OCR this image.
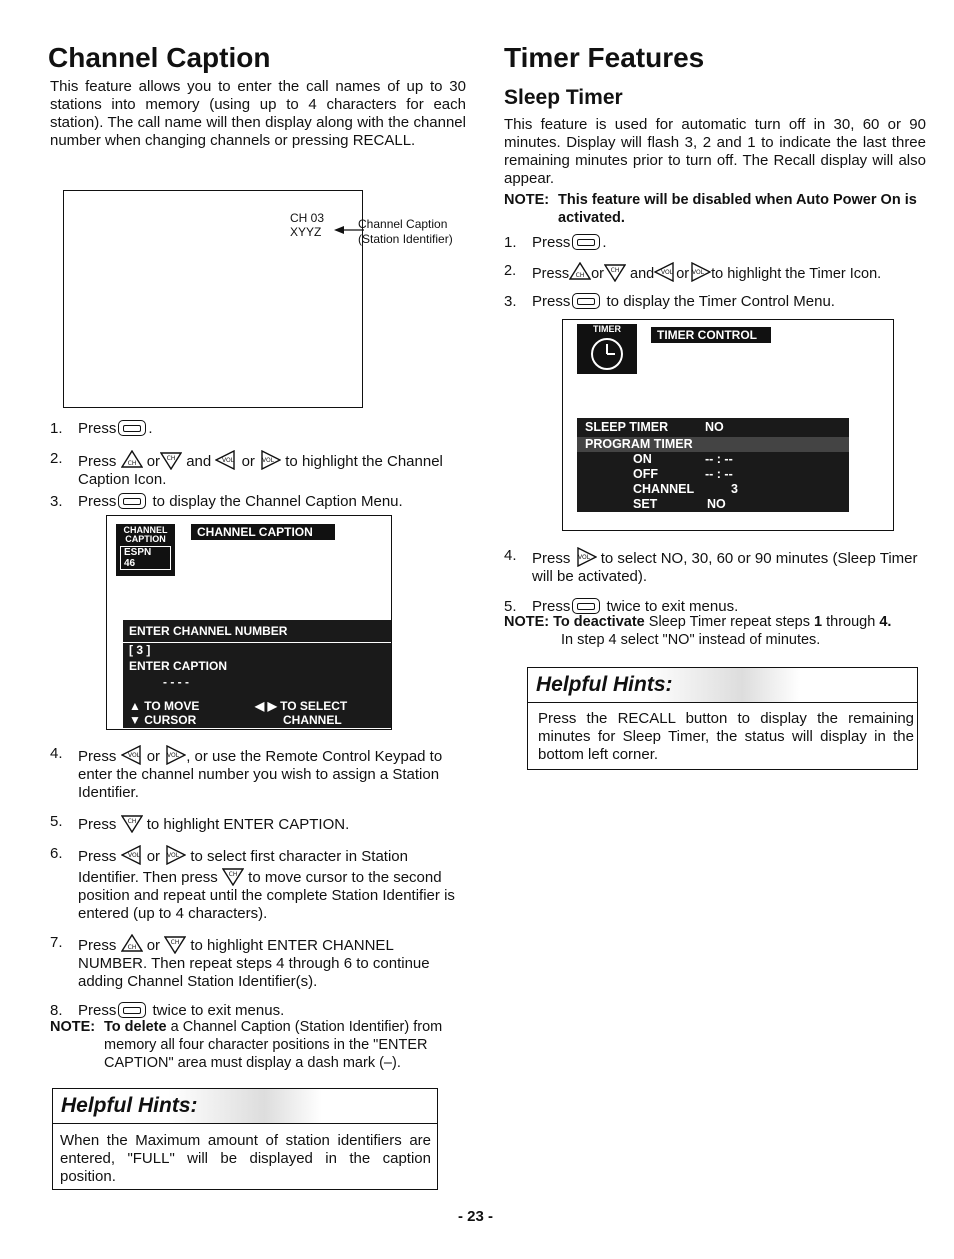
Channel Caption

This feature allows you to enter the call names of up to 30 stations into memory (using up to 4 characters for each station). The call name will then display along with the channel number when changing channels or pressing RECALL.

CH 03
XYYZ
Channel Caption
(Station Identifier)
1.	Press .
2.	Press or and or to highlight the Channel Caption Icon.
3.	Press to display the Channel Caption Menu.
CHANNEL
CAPTION
ESPN
46
CHANNEL CAPTION
ENTER CHANNEL NUMBER
[ 3 ]
ENTER CAPTION
- - - -
▲ TO MOVE
▼ CURSOR
◀ ▶ TO SELECT
CHANNEL
4.	Press or , or use the Remote Control Keypad to enter the channel number you wish to assign a Station Identifier.
5.	Press to highlight ENTER CAPTION.
6.	Press or to select first character in Station
Identifier. Then press to move cursor to the second position and repeat until the complete Station Identifier is entered (up to 4 characters).
7.	Press or to highlight ENTER CHANNEL NUMBER. Then repeat steps 4 through 6 to continue adding Channel Station Identifier(s).
8.	Press twice to exit menus.
NOTE: To delete a Channel Caption (Station Identifier) from memory all four character positions in the "ENTER CAPTION" area must display a dash mark (–).
Helpful Hints:

When the Maximum amount of station identifiers are entered, "FULL" will be displayed in the caption position.

Timer Features
Sleep Timer

This feature is used for automatic turn off in 30, 60 or 90 minutes. Display will flash 3, 2 and 1 to indicate the last three remaining minutes prior to turn off. The Recall display will also appear.

NOTE: This feature will be disabled when Auto Power On is activated.
1.	Press .
2.	Press or and or to highlight the Timer Icon.
3.	Press to display the Timer Control Menu.
TIMER	TIMER CONTROL
SLEEP TIMER	NO
PROGRAM TIMER
ON	-- : --
OFF	-- : --
CHANNEL	3
SET	NO
4.	Press to select NO, 30, 60 or 90 minutes (Sleep Timer will be activated).
5.	Press twice to exit menus.
NOTE: To deactivate Sleep Timer repeat steps 1 through 4.
In step 4 select "NO" instead of minutes.
Helpful Hints:

Press the RECALL button to display the remaining minutes for Sleep Timer, the status will display in the bottom left corner.

- 23 -
